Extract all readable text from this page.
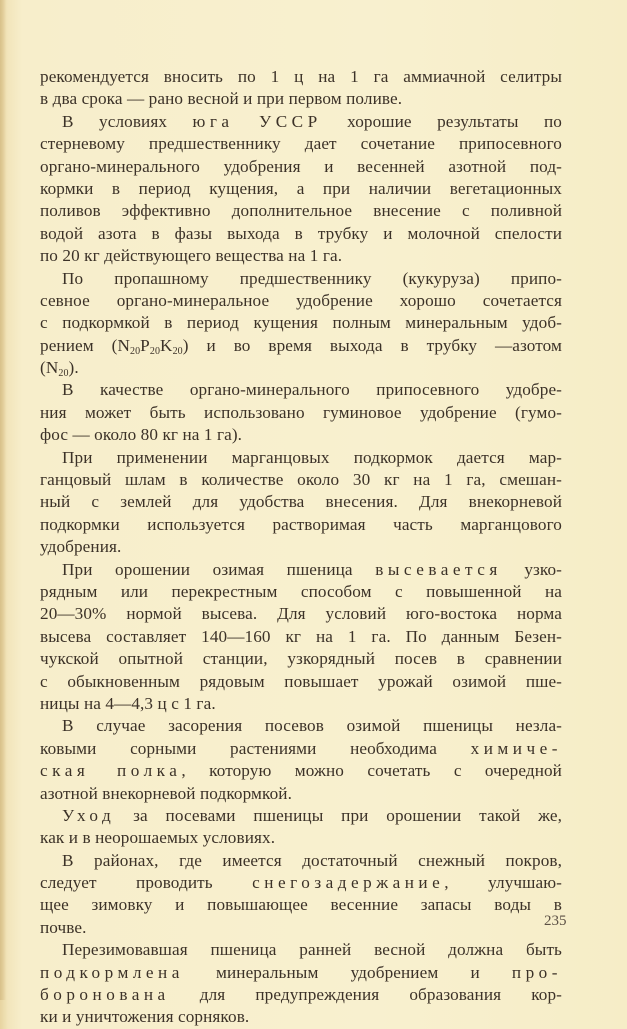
рекомендуется вносить по 1 ц на 1 га аммиачной селитры
в два срока — рано весной и при первом поливе.
В условиях юга УССР хорошие результаты по
стерневому предшественнику дает сочетание припосевного
органо-минерального удобрения и весенней азотной под-
кормки в период кущения, а при наличии вегетационных
поливов эффективно дополнительное внесение с поливной
водой азота в фазы выхода в трубку и молочной спелости
по 20 кг действующего вещества на 1 га.
По пропашному предшественнику (кукуруза) припо-
севное органо-минеральное удобрение хорошо сочетается
с подкормкой в период кущения полным минеральным удоб-
рением $(N_{20}P_{20}K_{20})$ и во время выхода в трубку —азотом
$(N_{20})$.
В качестве органо-минерального припосевного удобре-
ния может быть использовано гуминовое удобрение (гумо-
фос — около 80 кг на 1 га).
При применении марганцовых подкормок дается мар-
ганцовый шлам в количестве около 30 кг на 1 га, смешан-
ный с землей для удобства внесения. Для внекорневой
подкормки используется растворимая часть марганцового
удобрения.
При орошении озимая пшеница высевается узко-
рядным или перекрестным способом с повышенной на
20—30% нормой высева. Для условий юго-востока норма
высева составляет 140—160 кг на 1 га. По данным Безен-
чукской опытной станции, узкорядный посев в сравнении
с обыкновенным рядовым повышает урожай озимой пше-
ницы на 4—4,3 ц с 1 га.
В случае засорения посевов озимой пшеницы незла-
ковыми сорными растениями необходима химиче-
ская полка, которую можно сочетать с очередной
азотной внекорневой подкормкой.
Уход за посевами пшеницы при орошении такой же,
как и в неорошаемых условиях.
В районах, где имеется достаточный снежный покров,
следует проводить снегозадержание, улучшаю-
щее зимовку и повышающее весенние запасы воды в
почве.
Перезимовавшая пшеница ранней весной должна быть
подкормлена минеральным удобрением и про-
боронована для предупреждения образования кор-
ки и уничтожения сорняков.
235
